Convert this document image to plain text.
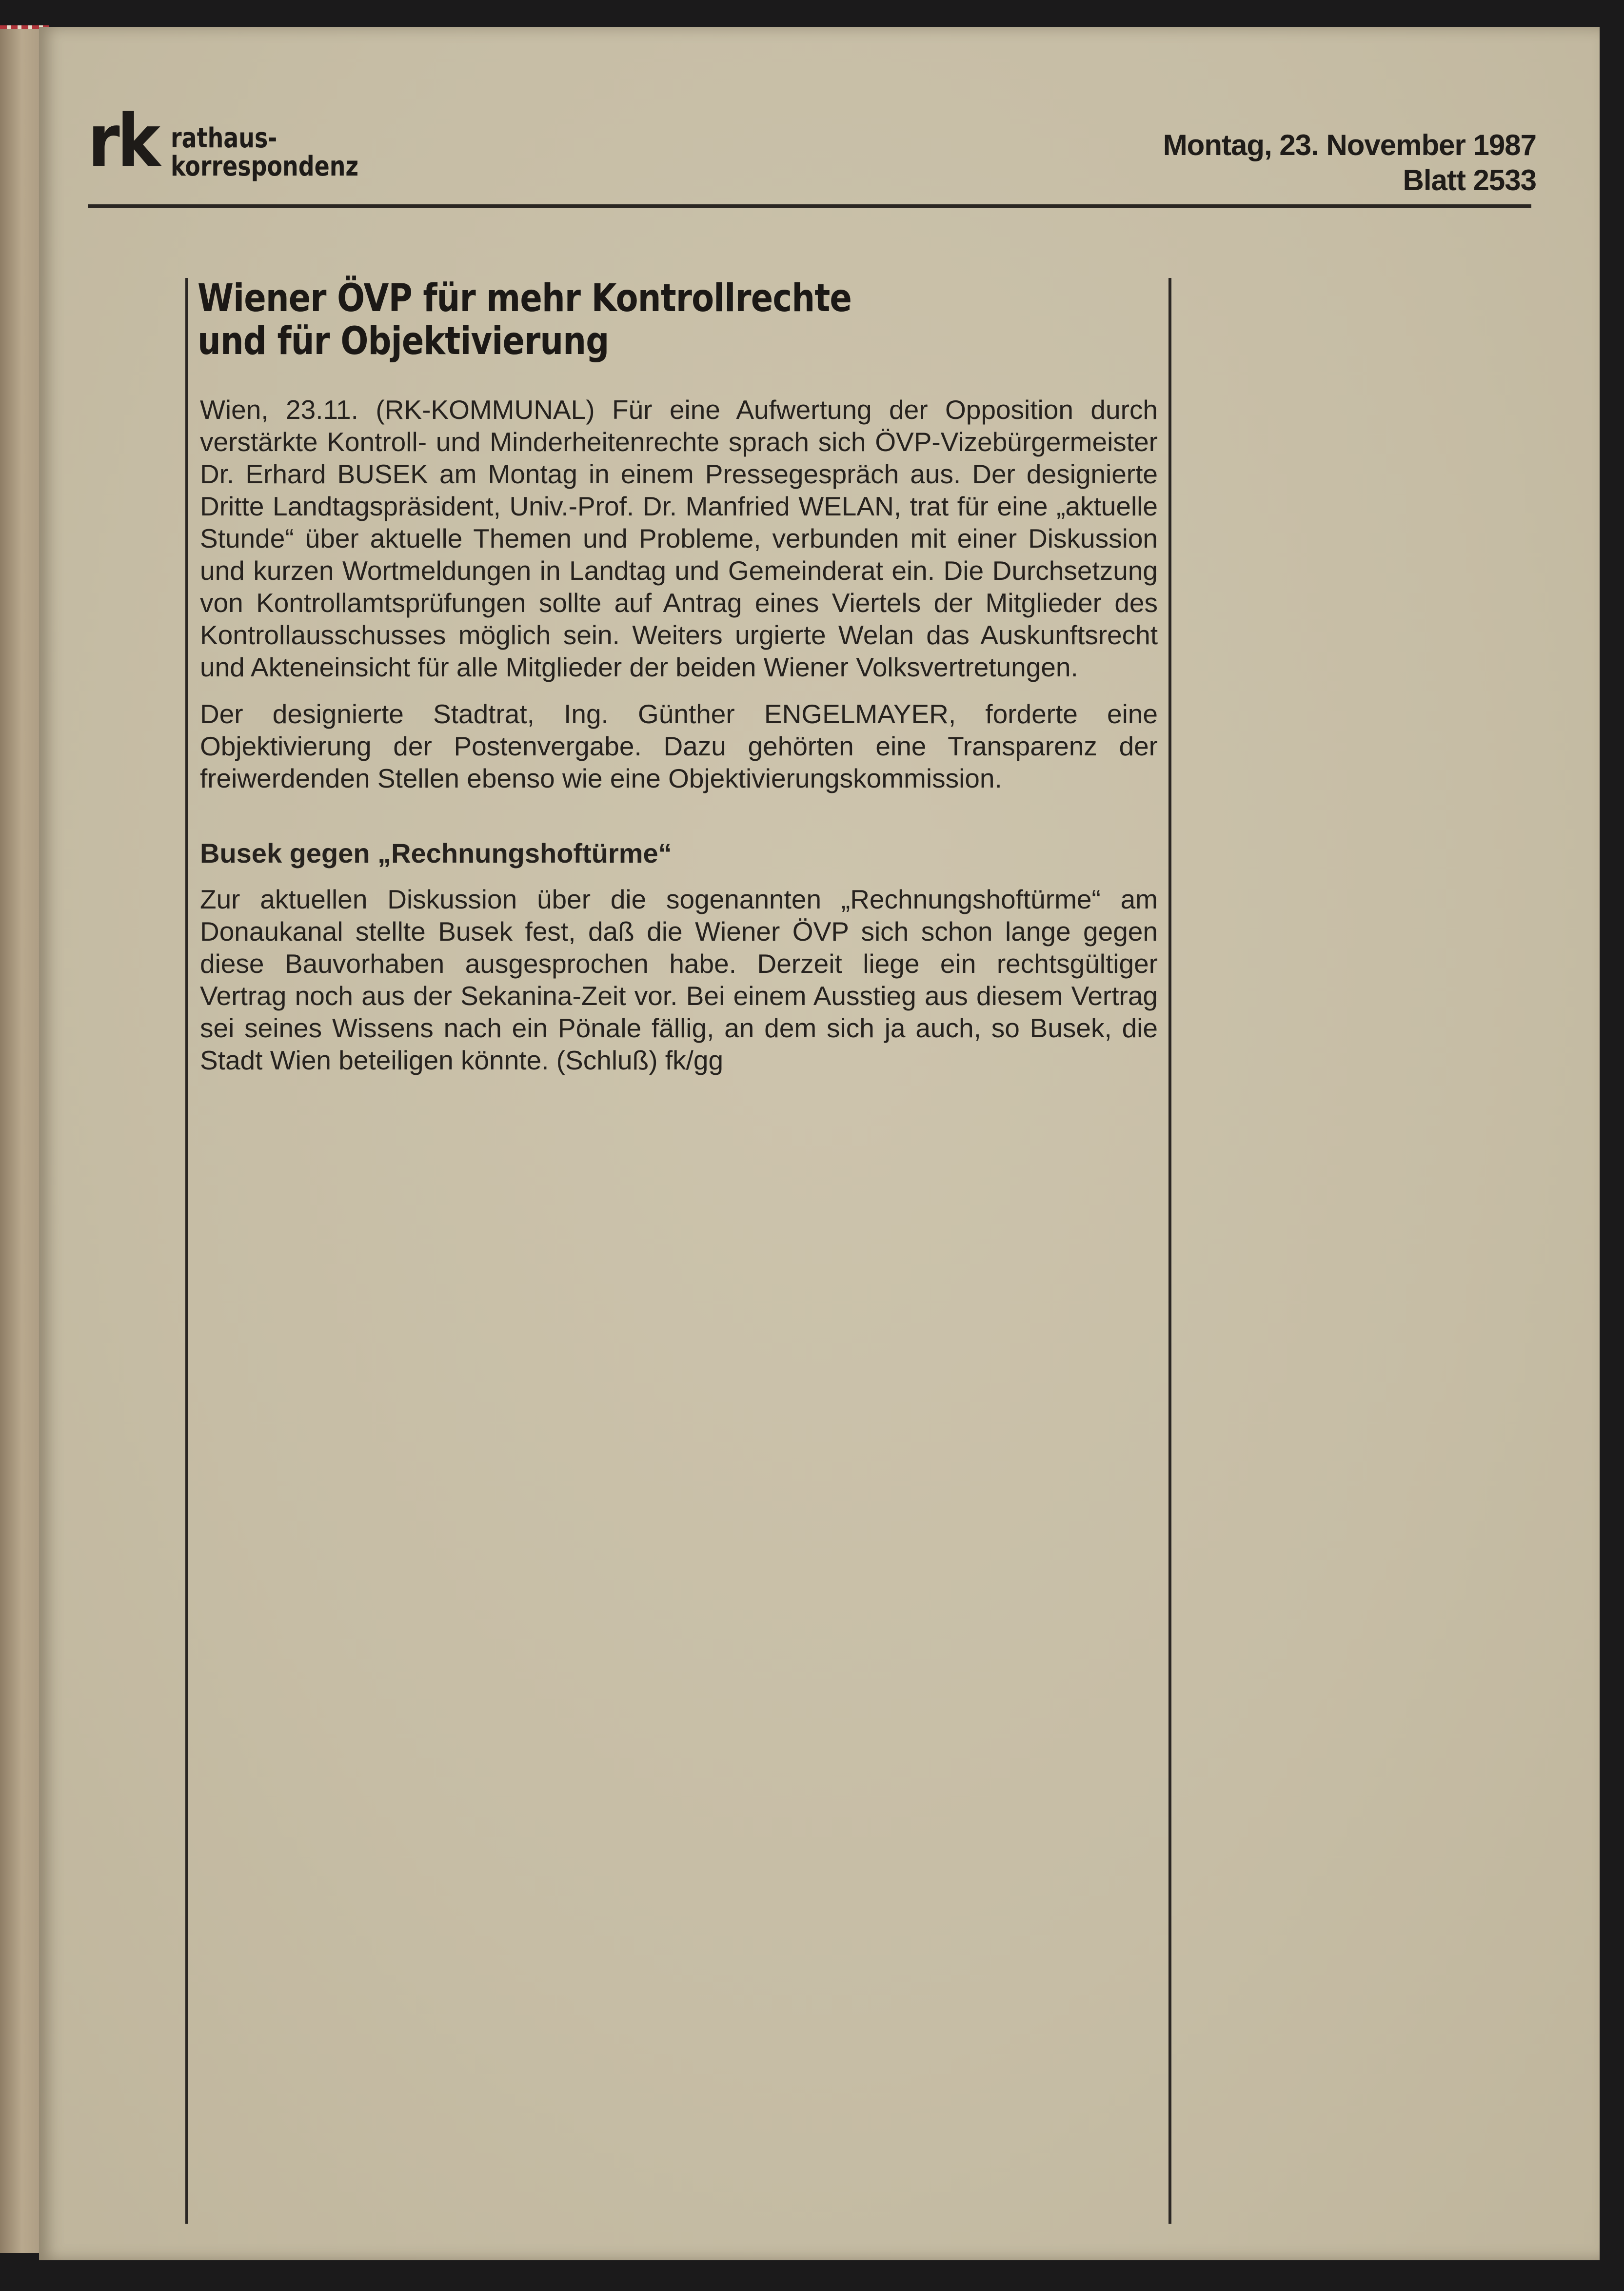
rk rathaus-
korrespondenz
Montag, 23. November 1987
Blatt 2533
Wiener ÖVP für mehr Kontrollrechte
und für Objektivierung

Wien, 23.11. (RK-KOMMUNAL) Für eine Aufwertung der Opposition durch verstärkte Kontroll- und Minderheitenrechte sprach sich ÖVP-Vizebürgermeister Dr. Erhard BUSEK am Montag in einem Pressegespräch aus. Der designierte Dritte Landtagspräsident, Univ.-Prof. Dr. Manfried WELAN, trat für eine „aktuelle Stunde“ über aktuelle Themen und Probleme, verbunden mit einer Diskussion und kurzen Wortmeldungen in Landtag und Gemeinderat ein. Die Durchsetzung von Kontrollamtsprüfungen sollte auf Antrag eines Viertels der Mitglieder des Kontrollausschusses möglich sein. Weiters urgierte Welan das Auskunftsrecht und Akteneinsicht für alle Mitglieder der beiden Wiener Volksvertretungen.

Der designierte Stadtrat, Ing. Günther ENGELMAYER, forderte eine Objektivierung der Postenvergabe. Dazu gehörten eine Transparenz der freiwerdenden Stellen ebenso wie eine Objektivierungskommission.

Busek gegen „Rechnungshoftürme“

Zur aktuellen Diskussion über die sogenannten „Rechnungshoftürme“ am Donaukanal stellte Busek fest, daß die Wiener ÖVP sich schon lange gegen diese Bauvorhaben ausgesprochen habe. Derzeit liege ein rechtsgültiger Vertrag noch aus der Sekanina-Zeit vor. Bei einem Ausstieg aus diesem Vertrag sei seines Wissens nach ein Pönale fällig, an dem sich ja auch, so Busek, die Stadt Wien beteiligen könnte. (Schluß) fk/gg
